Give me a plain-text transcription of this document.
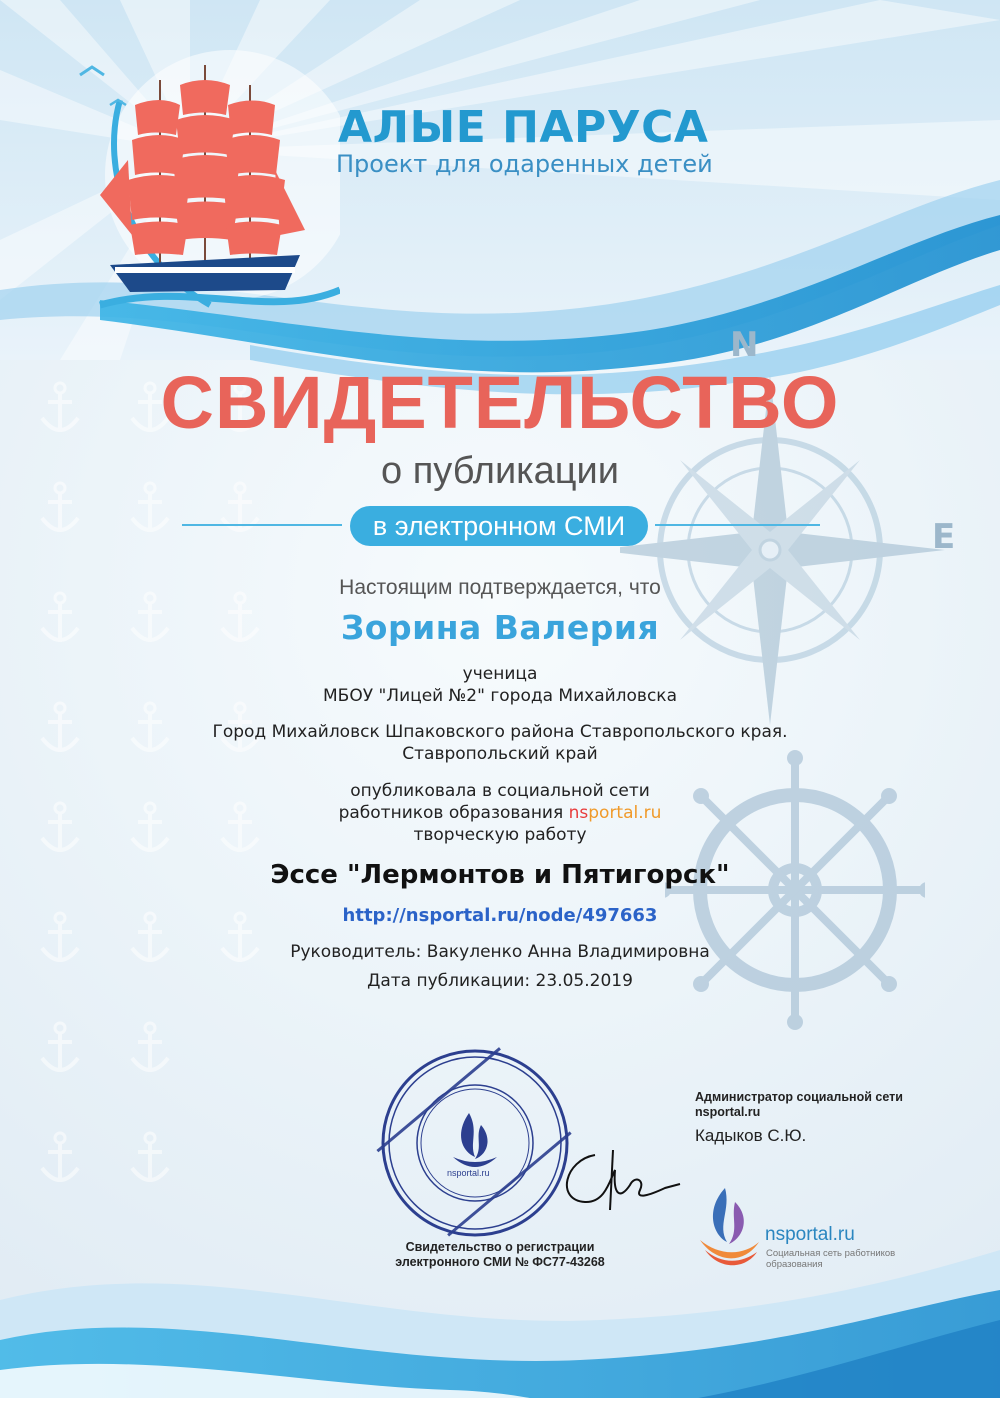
N
E
АЛЫЕ ПАРУСА
Проект для одаренных детей
СВИДЕТЕЛЬСТВО
о публикации
в электронном СМИ
Настоящим подтверждается, что
Зорина Валерия
ученица
МБОУ "Лицей №2" города Михайловска
Город Михайловск Шпаковского района Ставропольского края.
Ставропольский край
опубликовала в социальной сети
работников образования nsportal.ru
творческую работу
Эссе "Лермонтов и Пятигорск"
http://nsportal.ru/node/497663
Руководитель: Вакуленко Анна Владимировна
Дата публикации: 23.05.2019
nsportal.ru
Свидетельство о регистрации электронного СМИ № ФС77-43268
Администратор социальной сети nsportal.ru
Кадыков С.Ю.
nsportal.ru
Социальная сеть работников образования
